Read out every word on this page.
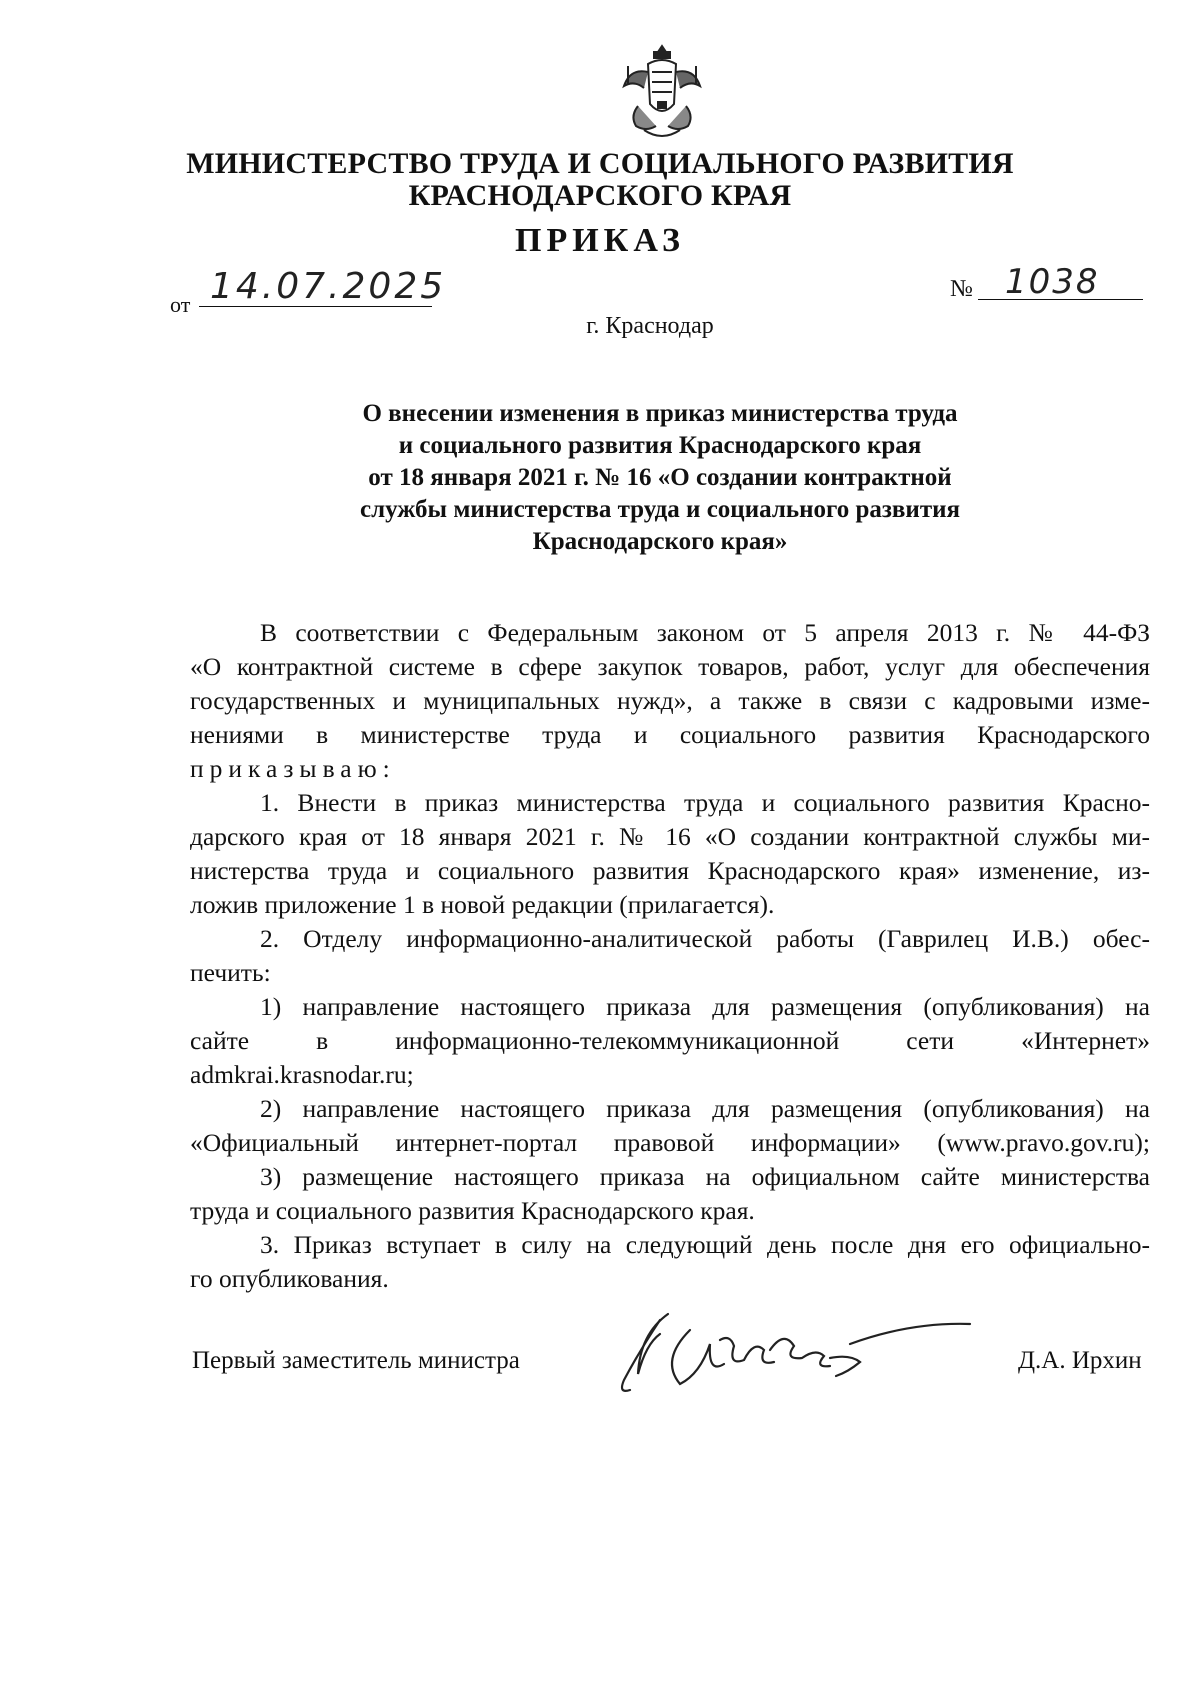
МИНИСТЕРСТВО ТРУДА И СОЦИАЛЬНОГО РАЗВИТИЯ
КРАСНОДАРСКОГО КРАЯ
ПРИКАЗ
от 14.07.2025	№ 1038
г. Краснодар
О внесении изменения в приказ министерства труда
и социального развития Краснодарского края
от 18 января 2021 г. № 16 «О создании контрактной
службы министерства труда и социального развития
Краснодарского края»
В соответствии с Федеральным законом от 5 апреля 2013 г. № 44-ФЗ
«О контрактной системе в сфере закупок товаров, работ, услуг для обеспечения
государственных и муниципальных нужд», а также в связи с кадровыми изме-
нениями в министерстве труда и социального развития Краснодарского
приказываю:
1. Внести в приказ министерства труда и социального развития Красно-
дарского края от 18 января 2021 г. № 16 «О создании контрактной службы ми-
нистерства труда и социального развития Краснодарского края» изменение, из-
ложив приложение 1 в новой редакции (прилагается).
2. Отделу информационно-аналитической работы (Гаврилец И.В.) обес-
печить:
1) направление настоящего приказа для размещения (опубликования) на
сайте в информационно-телекоммуникационной сети «Интернет»
admkrai.krasnodar.ru;
2) направление настоящего приказа для размещения (опубликования) на
«Официальный интернет-портал правовой информации» (www.pravo.gov.ru);
3) размещение настоящего приказа на официальном сайте министерства
труда и социального развития Краснодарского края.
3. Приказ вступает в силу на следующий день после дня его официально-
го опубликования.
Первый заместитель министра	Д.А. Ирхин
